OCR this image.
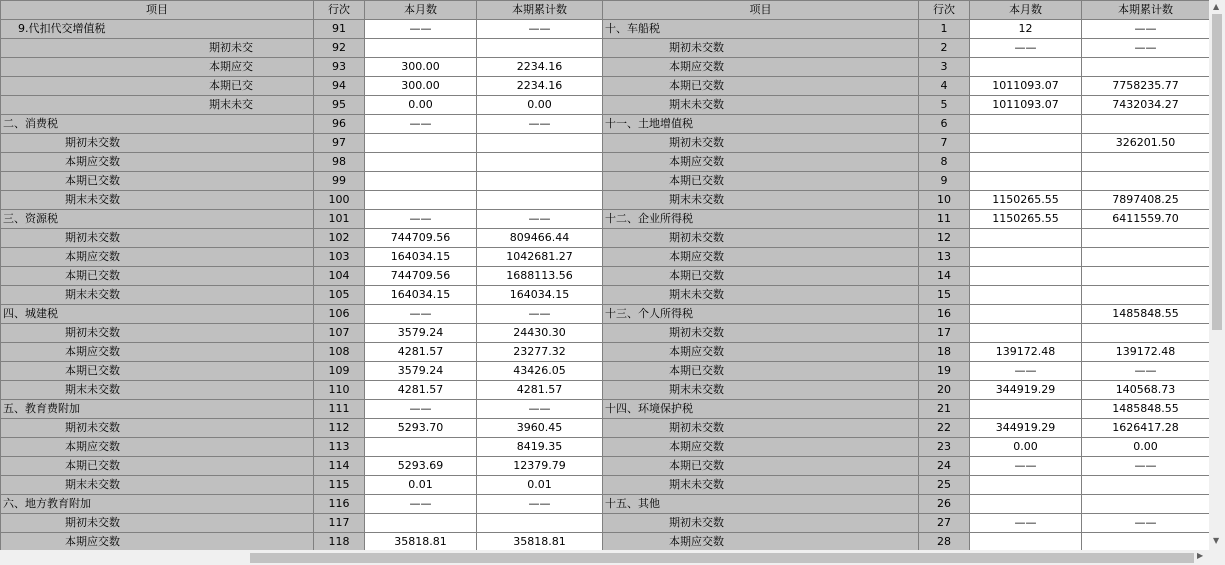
项目	行次	本月数	本期累计数	项目	行次	本月数	本期累计数
9.代扣代交增值税	91	——	——	十、车船税	1	12	——
期初未交	92			期初未交数	2	——	——
本期应交	93	300.00	2234.16	本期应交数	3		
本期已交	94	300.00	2234.16	本期已交数	4	1011093.07	7758235.77
期末未交	95	0.00	0.00	期末未交数	5	1011093.07	7432034.27
二、消费税	96	——	——	十一、土地增值税	6		
期初未交数	97			期初未交数	7		326201.50
本期应交数	98			本期应交数	8		
本期已交数	99			本期已交数	9		
期末未交数	100			期末未交数	10	1150265.55	7897408.25
三、资源税	101	——	——	十二、企业所得税	11	1150265.55	6411559.70
期初未交数	102	744709.56	809466.44	期初未交数	12		
本期应交数	103	164034.15	1042681.27	本期应交数	13		
本期已交数	104	744709.56	1688113.56	本期已交数	14		
期末未交数	105	164034.15	164034.15	期末未交数	15		
四、城建税	106	——	——	十三、个人所得税	16		1485848.55
期初未交数	107	3579.24	24430.30	期初未交数	17		
本期应交数	108	4281.57	23277.32	本期应交数	18	139172.48	139172.48
本期已交数	109	3579.24	43426.05	本期已交数	19	——	——
期末未交数	110	4281.57	4281.57	期末未交数	20	344919.29	140568.73
五、教育费附加	111	——	——	十四、环境保护税	21		1485848.55
期初未交数	112	5293.70	3960.45	期初未交数	22	344919.29	1626417.28
本期应交数	113		8419.35	本期应交数	23	0.00	0.00
本期已交数	114	5293.69	12379.79	本期已交数	24	——	——
期末未交数	115	0.01	0.01	期末未交数	25		
六、地方教育附加	116	——	——	十五、其他	26		
期初未交数	117			期初未交数	27	——	——
本期应交数	118	35818.81	35818.81	本期应交数	28		
▲
▼
▶
